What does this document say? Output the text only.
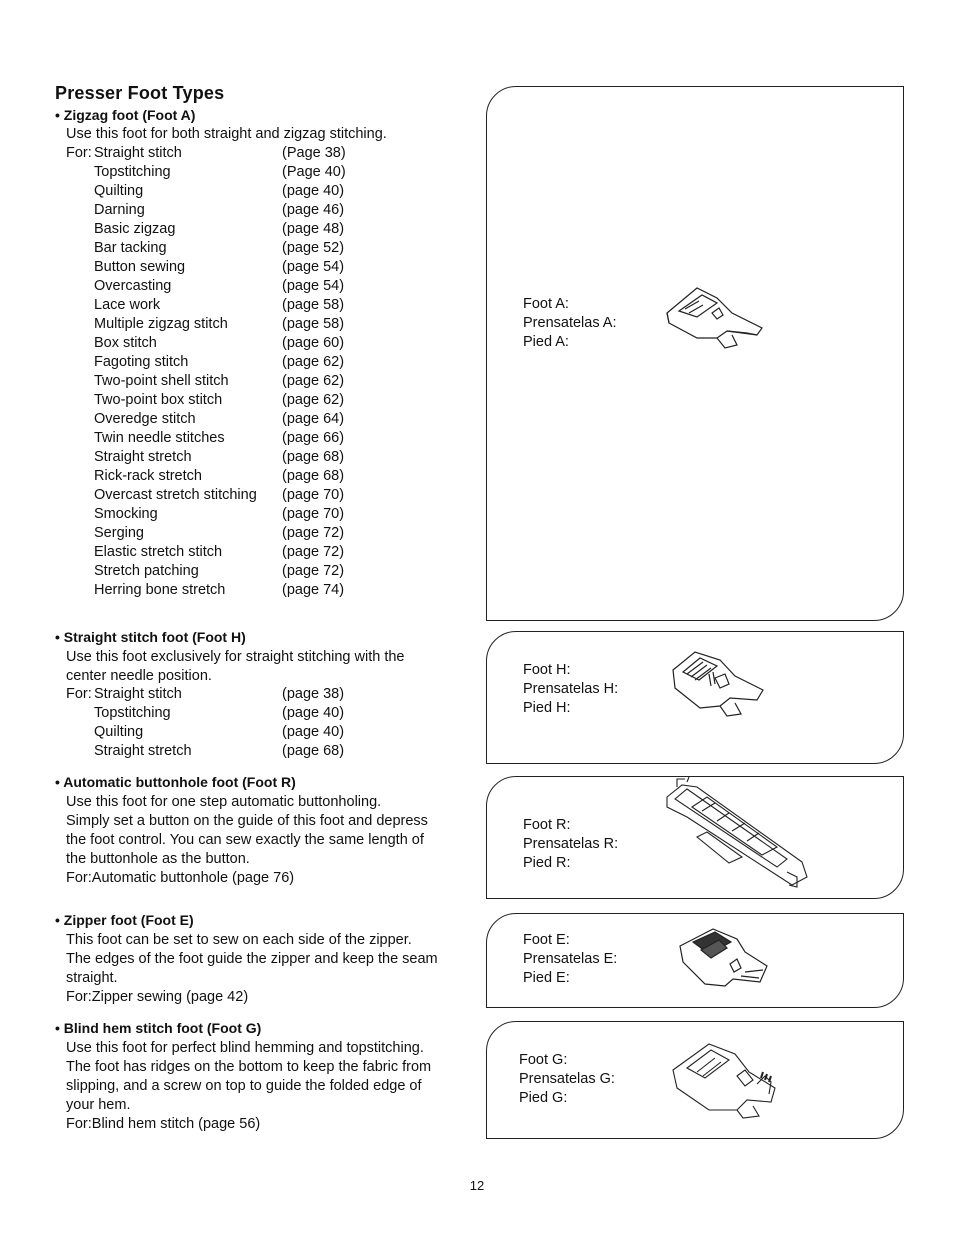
Presser Foot Types
• Zigzag foot (Foot A)
Use this foot for both straight and zigzag stitching.
For: Straight stitch	(Page 38)
Topstitching	(Page 40)
Quilting	(page 40)
Darning	(page 46)
Basic zigzag	(page 48)
Bar tacking	(page 52)
Button sewing	(page 54)
Overcasting	(page 54)
Lace work	(page 58)
Multiple zigzag stitch	(page 58)
Box stitch	(page 60)
Fagoting stitch	(page 62)
Two-point shell stitch	(page 62)
Two-point box stitch	(page 62)
Overedge stitch	(page 64)
Twin needle stitches	(page 66)
Straight stretch	(page 68)
Rick-rack stretch	(page 68)
Overcast stretch stitching (page 70)
Smocking	(page 70)
Serging	(page 72)
Elastic stretch stitch	(page 72)
Stretch patching	(page 72)
Herring bone stretch	(page 74)
• Straight stitch foot (Foot H)
Use this foot exclusively for straight stitching with the
center needle position.
For: Straight stitch	(page 38)
Topstitching	(page 40)
Quilting	(page 40)
Straight stretch	(page 68)
• Automatic buttonhole foot (Foot R)
Use this foot for one step automatic buttonholing.
Simply set a button on the guide of this foot and depress
the foot control. You can sew exactly the same length of
the buttonhole as the button.
For:Automatic buttonhole (page 76)
• Zipper foot (Foot E)
This foot can be set to sew on each side of the zipper.
The edges of the foot guide the zipper and keep the seam
straight.
For:Zipper sewing (page 42)
• Blind hem stitch foot (Foot G)
Use this foot for perfect blind hemming and topstitching.
The foot has ridges on the bottom to keep the fabric from
slipping, and a screw on top to guide the folded edge of
your hem.
For:Blind hem stitch (page 56)
Foot A:
Prensatelas A:
Pied A:
Foot H:
Prensatelas H:
Pied H:
Foot R:
Prensatelas R:
Pied R:
Foot E:
Prensatelas E:
Pied E:
Foot G:
Prensatelas G:
Pied G:
12
